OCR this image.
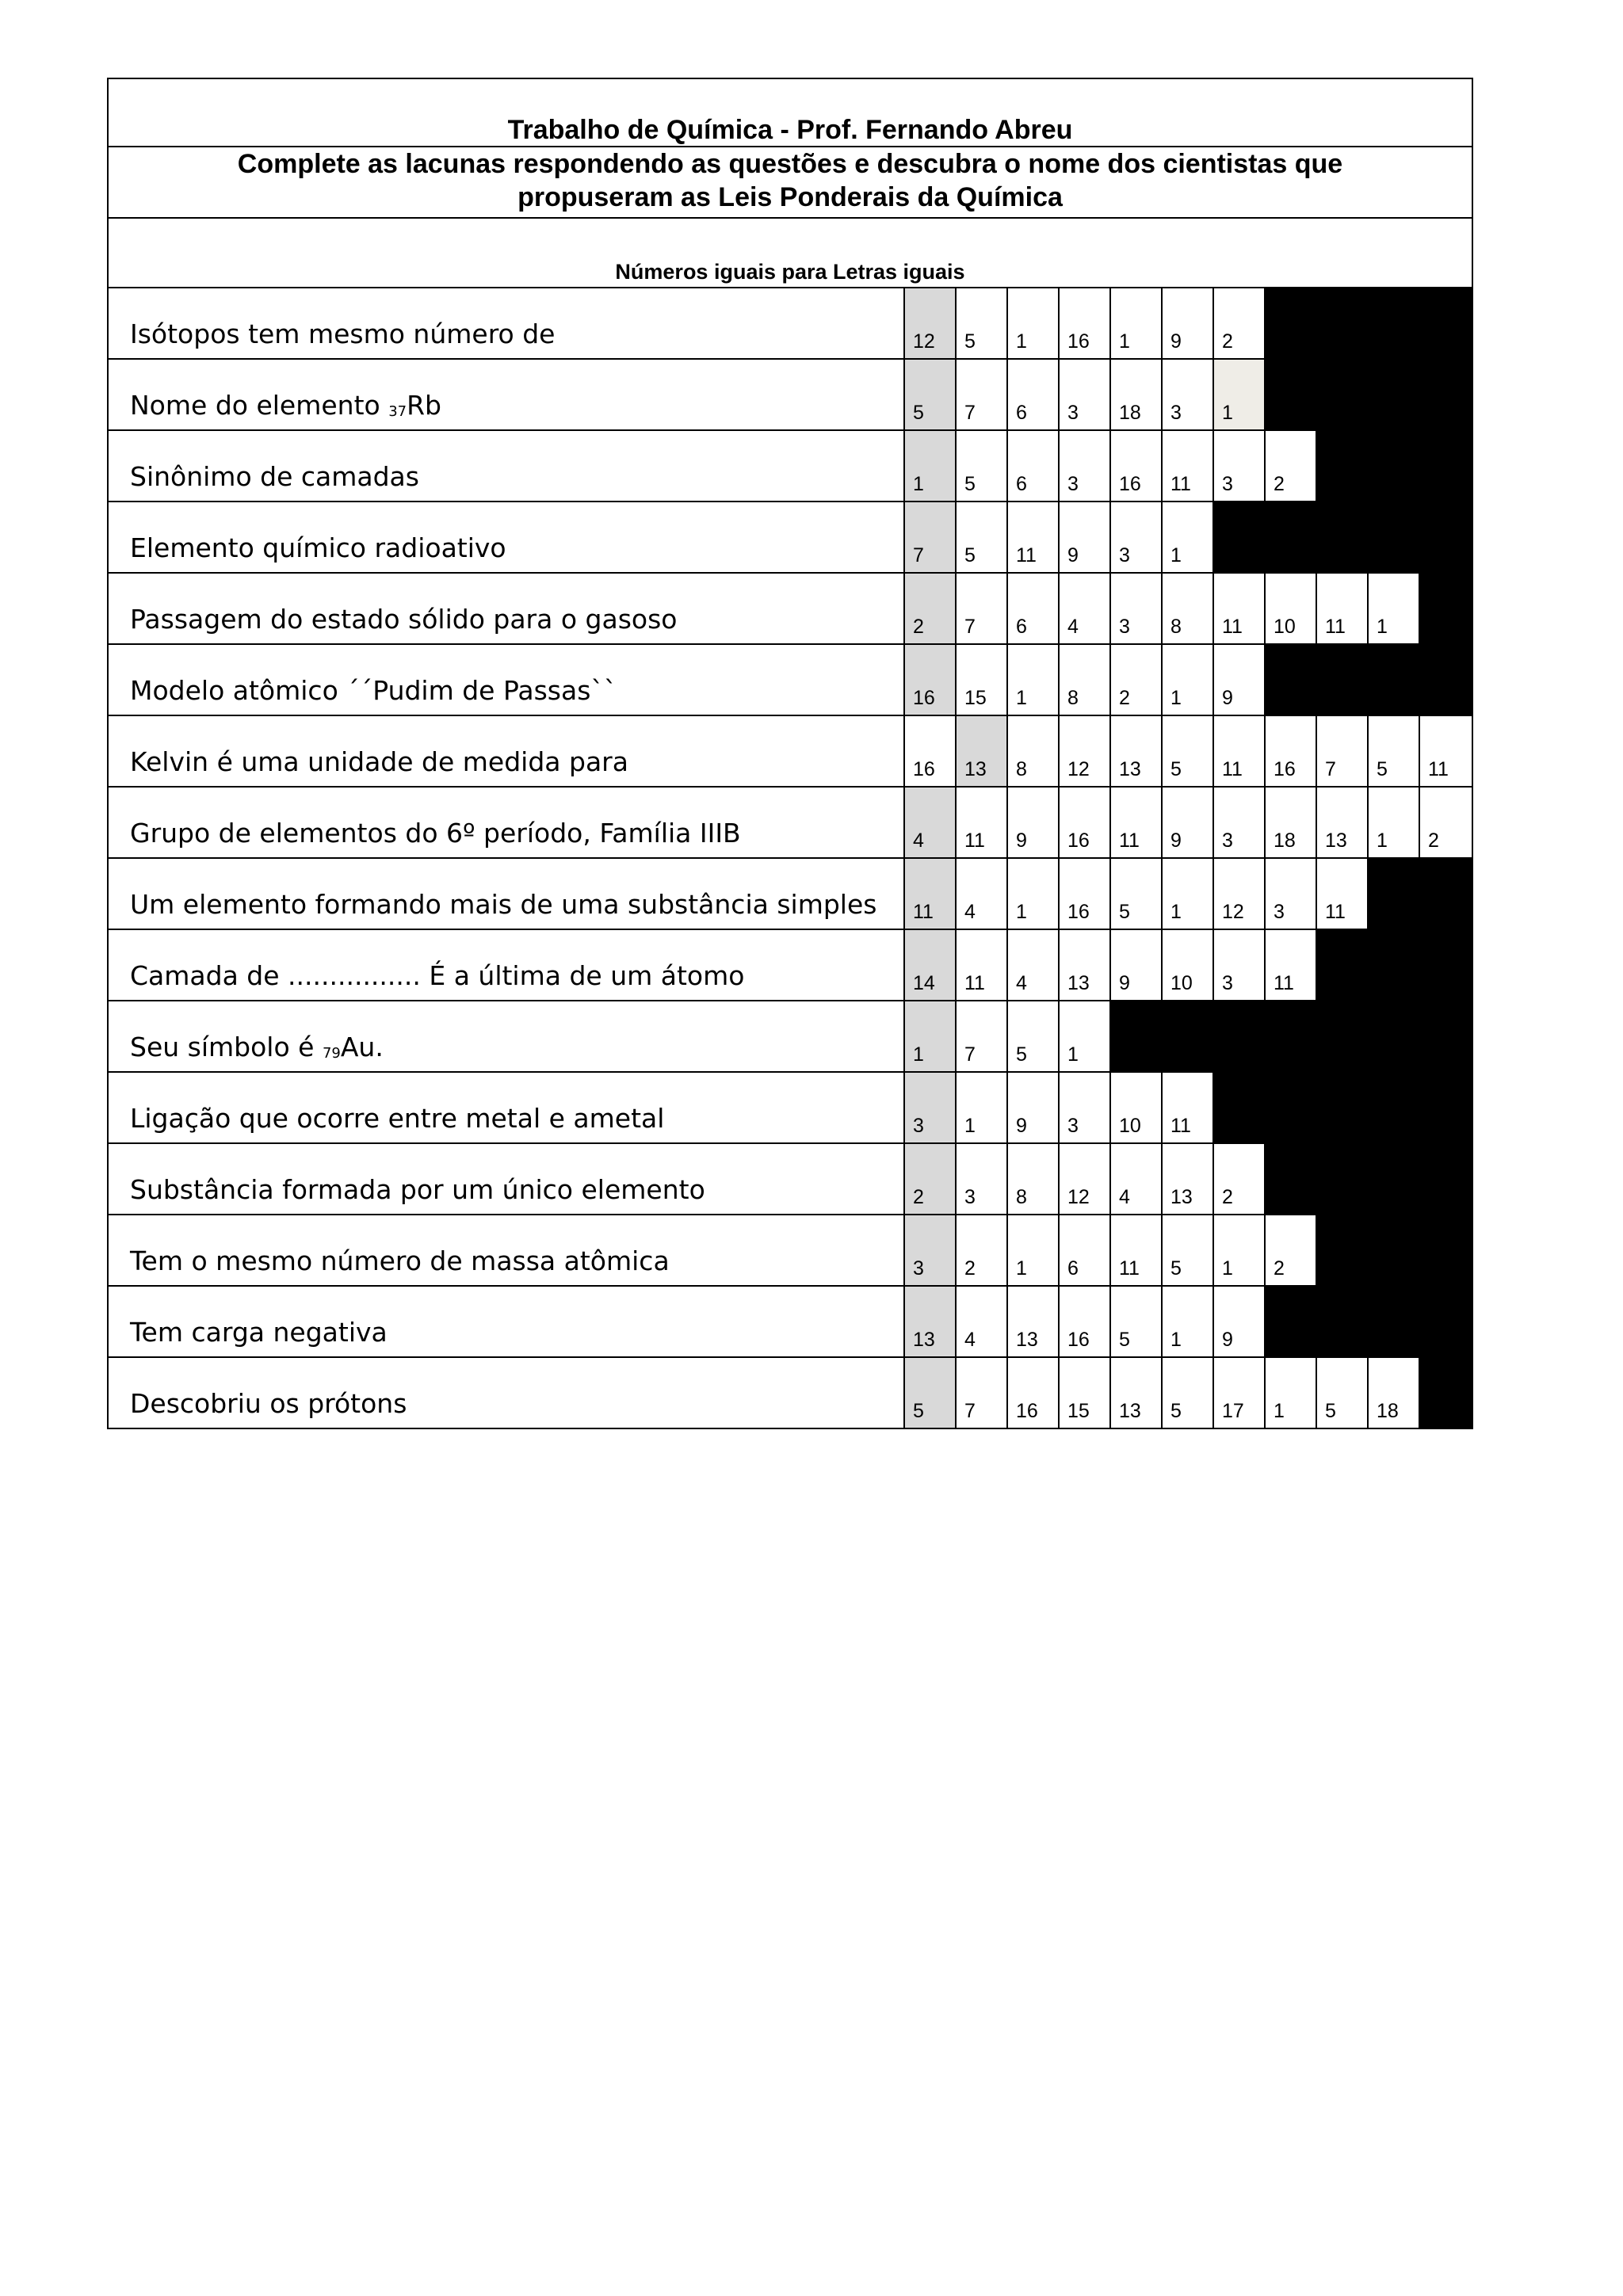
Trabalho de Química - Prof. Fernando Abreu
Complete as lacunas respondendo as questões e descubra o nome dos cientistas que
propuseram as Leis Ponderais da Química
Números iguais para Letras iguais
Isótopos tem mesmo número de	12 5 1 16 1 9 2
Nome do elemento $_{37}$Rb	5 7 6 3 18 3 1
Sinônimo de camadas	1 5 6 3 16 11 3 2
Elemento químico radioativo	7 5 11 9 3 1
Passagem do estado sólido para o gasoso	2 7 6 4 3 8 11 10 11 1
Modelo atômico ´´Pudim de Passas``	16 15 1 8 2 1 9
Kelvin é uma unidade de medida para	16 13 8 12 13 5 11 16 7 5 11
Grupo de elementos do 6º período, Família IIIB	4 11 9 16 11 9 3 18 13 1 2
Um elemento formando mais de uma substância simples	11 4 1 16 5 1 12 3 11
Camada de ................ É a última de um átomo	14 11 4 13 9 10 3 11
Seu símbolo é $_{79}$Au.	1 7 5 1
Ligação que ocorre entre metal e ametal	3 1 9 3 10 11
Substância formada por um único elemento	2 3 8 12 4 13 2
Tem o mesmo número de massa atômica	3 2 1 6 11 5 1 2
Tem carga negativa	13 4 13 16 5 1 9
Descobriu os prótons	5 7 16 15 13 5 17 1 5 18
